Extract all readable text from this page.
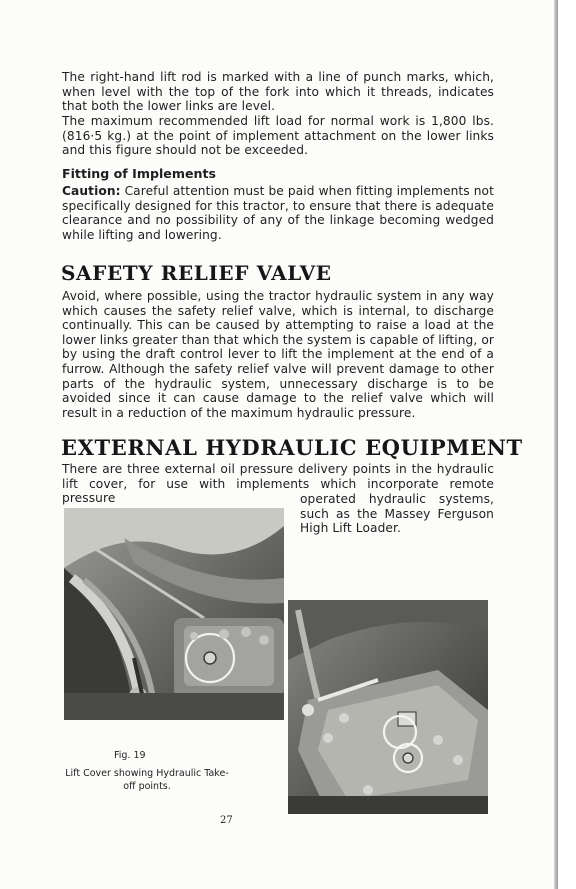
The right-hand lift rod is marked with a line of punch marks, which, when level with the top of the fork into which it threads, indicates that both the lower links are level.

The maximum recommended lift load for normal work is 1,800 lbs. (816·5 kg.) at the point of implement attachment on the lower links and this figure should not be exceeded.

Fitting of Implements

Caution: Careful attention must be paid when fitting implements not specifically designed for this tractor, to ensure that there is adequate clearance and no possibility of any of the linkage becoming wedged while lifting and lowering.

SAFETY RELIEF VALVE

Avoid, where possible, using the tractor hydraulic system in any way which causes the safety relief valve, which is internal, to discharge continually. This can be caused by attempting to raise a load at the lower links greater than that which the system is capable of lifting, or by using the draft control lever to lift the implement at the end of a furrow. Although the safety relief valve will prevent damage to other parts of the hydraulic system, unnecessary discharge is to be avoided since it can cause damage to the relief valve which will result in a reduction of the maximum hydraulic pressure.

EXTERNAL HYDRAULIC EQUIPMENT

There are three external oil pressure delivery points in the hydraulic lift cover, for use with implements which incorporate remote pressure	operated hydraulic systems, such as the Massey Ferguson High Lift Loader.

Fig. 19

Lift Cover showing Hydraulic Take-off points.

27
